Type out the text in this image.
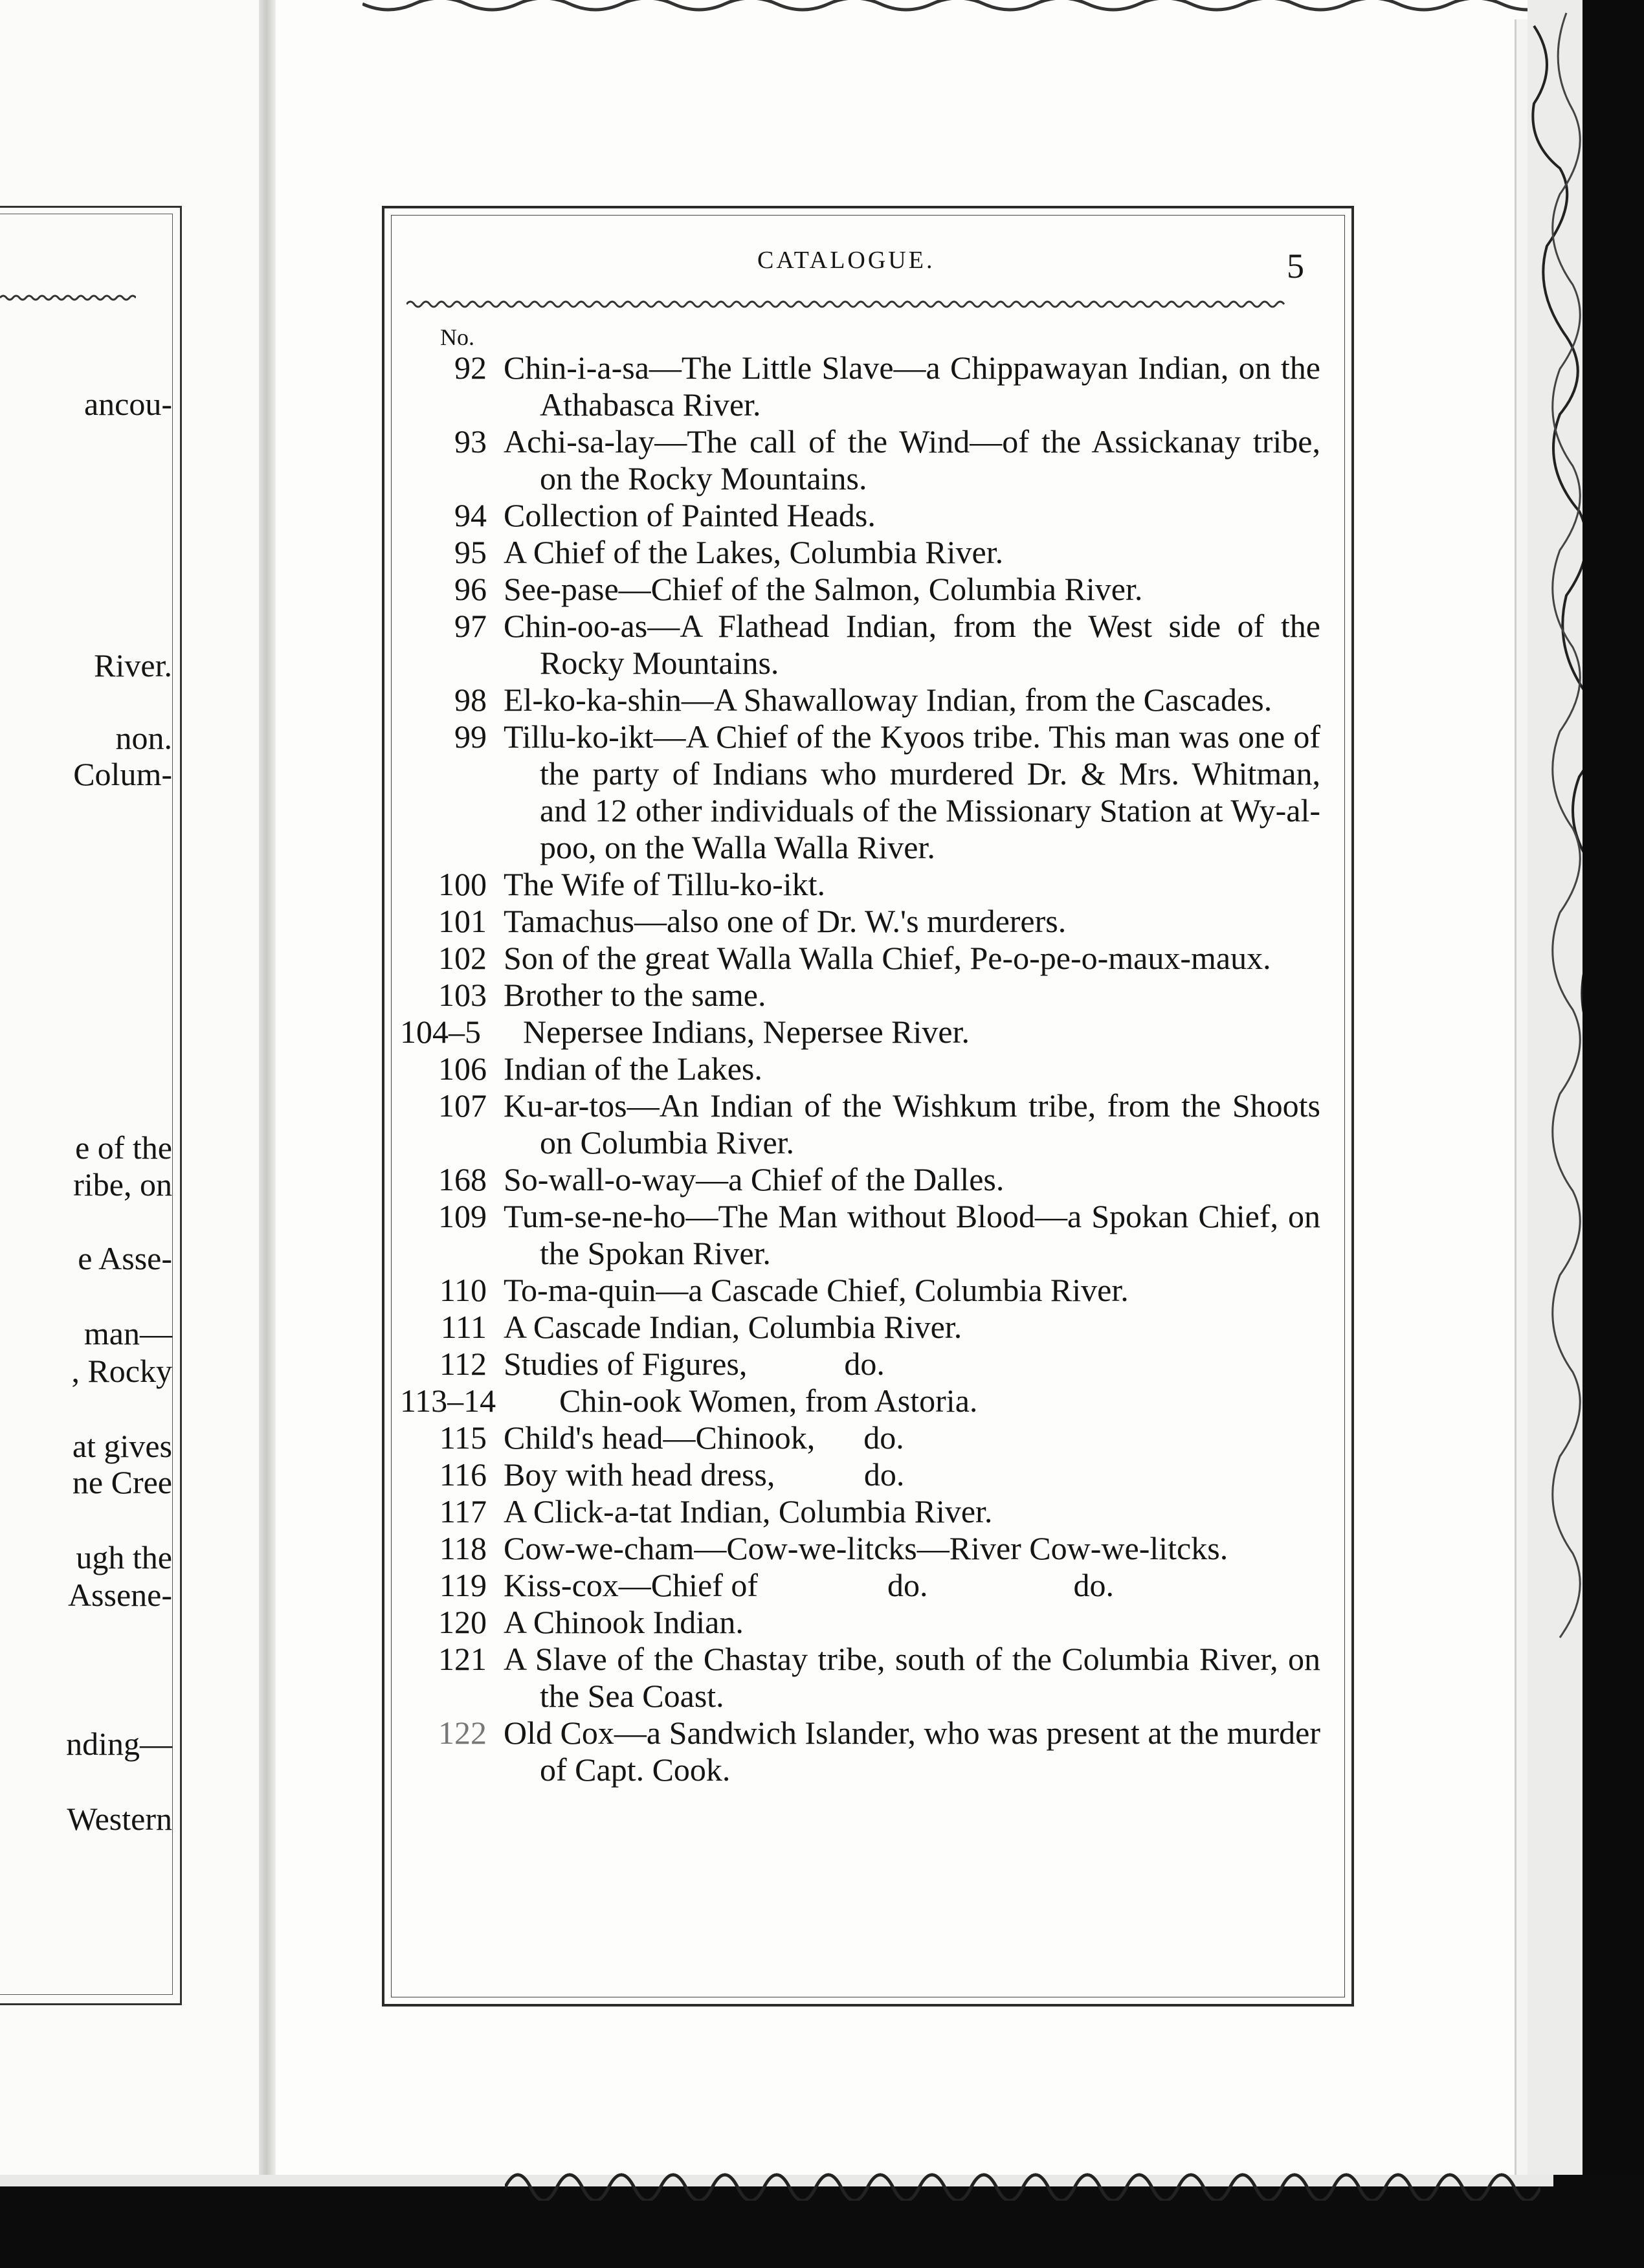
ancou-
River.
non.
Colum-
e of the
ribe, on
e Asse-
man—
, Rocky
at gives
ne Cree
ugh the
Assene-
nding—
Western
CATALOGUE.	5
No.
92 Chin-i-a-sa—The Little Slave—a Chippawayan Indian, on the Athabasca River.
93 Achi-sa-lay—The call of the Wind—of the Assickanay tribe, on the Rocky Mountains.
94 Collection of Painted Heads.
95 A Chief of the Lakes, Columbia River.
96 See-pase—Chief of the Salmon, Columbia River.
97 Chin-oo-as—A Flathead Indian, from the West side of the Rocky Mountains.
98 El-ko-ka-shin—A Shawalloway Indian, from the Cascades.
99 Tillu-ko-ikt—A Chief of the Kyoos tribe. This man was one of the party of Indians who murdered Dr. & Mrs. Whitman, and 12 other individuals of the Missionary Station at Wy-al-poo, on the Walla Walla River.
100 The Wife of Tillu-ko-ikt.
101 Tamachus—also one of Dr. W.'s murderers.
102 Son of the great Walla Walla Chief, Pe-o-pe-o-maux-maux.
103 Brother to the same.
104–5	Nepersee Indians, Nepersee River.
106 Indian of the Lakes.
107 Ku-ar-tos—An Indian of the Wishkum tribe, from the Shoots on Columbia River.
168 So-wall-o-way—a Chief of the Dalles.
109 Tum-se-ne-ho—The Man without Blood—a Spokan Chief, on the Spokan River.
110 To-ma-quin—a Cascade Chief, Columbia River.
111 A Cascade Indian, Columbia River.
112 Studies of Figures,            do.
113–14	Chin-ook Women, from Astoria.
115 Child's head—Chinook,      do.
116 Boy with head dress,           do.
117 A Click-a-tat Indian, Columbia River.
118 Cow-we-cham—Cow-we-litcks—River Cow-we-litcks.
119 Kiss-cox—Chief of                do.                  do.
120 A Chinook Indian.
121 A Slave of the Chastay tribe, south of the Columbia River, on the Sea Coast.
122 Old Cox—a Sandwich Islander, who was present at the murder of Capt. Cook.
